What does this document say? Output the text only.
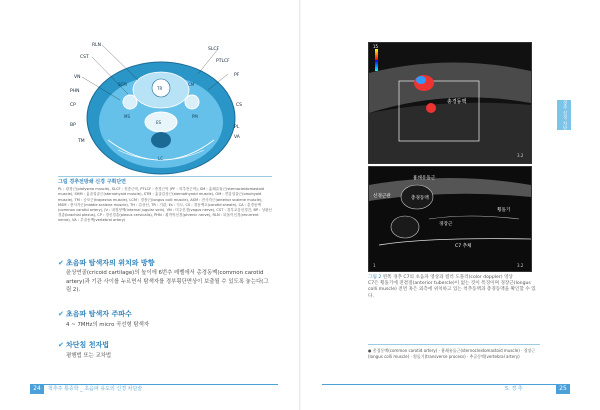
RLN
SLCF
CST
PTLCF
VN	PF
PHN
CS
CP
PL
BP
VA
TM
TR
SCM
ES
CM
MS	PM
LC
그림 경추전방쇄 신경 구획단면
PL : 광경근(platysma muscle), SLCF : 천층근막, PTLCF : 종경근막 (PF : 척추전근막), SM : 흉쇄유돌근(sternocleidomastoid muscle), SHM : 흉골설골근(sternohyoid muscle), STM : 흉골갑상근(sternothyroid muscle), OM : 견갑설골근(omohyoid muscle), TM : 승모근(trapezius muscle), LCM : 경장근(longus colli muscle), ASM : 전사각근(anterior scalene muscle), MSM : 중사각근(middle scalene muscle), TH : 갑상선, TR : 기관, Es : 식도, CS : 경동맥초(carotid sheath), CA : 총경동맥(common carotid artery), JV : 내경정맥(internal jugular vein), VN : 미주신경(vagus nerve), CST : 경부교감신경간, BP : 상완신경총(brachial plexus), CP : 경신경총(plexus cervicalis), PHN : 횡격막신경(phrenic nerve), RLN : 되돌이신경(recurrent nerve), VA : 추골동맥(vertebral artery)
✔ 초음파 탐색자의 위치와 방향
윤상연골(cricoid cartilage)의 높이에 6번추 레벨에서 총경동맥(common carotid artery)과 기관 사이를 누르면서 탐색자를 경부횡단면상이 보출될 수 있도록 놓는다(그림 2).
✔ 초음파 탐색자 주파수
4 ~ 7MHz의 micro 곡선형 탐색자
✔ 차단침 천자법
평행법 또는 교차법
24	척추주 통증학 _ 초음파 유도의 신경 차단술
총경동맥
15
3.2
흉쇄유돌근
신경근관	총경동맥
경장근
횡돌기
C7 추체
3.2
1
그림 2 왼쪽 경추 C7의 초음파 영상과 컬러 도플러(color doppler) 영상
C7은 횡돌기에 전결절(anterior tubercle)이 없는 것이 특징이며 경장근(longus colli muscle) 전면 혹은 외측에 위치하고 있는 척추동맥과 총경동맥을 확인할 수 있다.
● 총경동맥(common carotid artery) · 흉쇄유돌근(sternocleidomastoid muscle) · 경장근(longus colli muscle) · 횡돌기(transverse process) · 추골동맥(vertebral artery)
경추 신경 차단
5. 경 추	25
